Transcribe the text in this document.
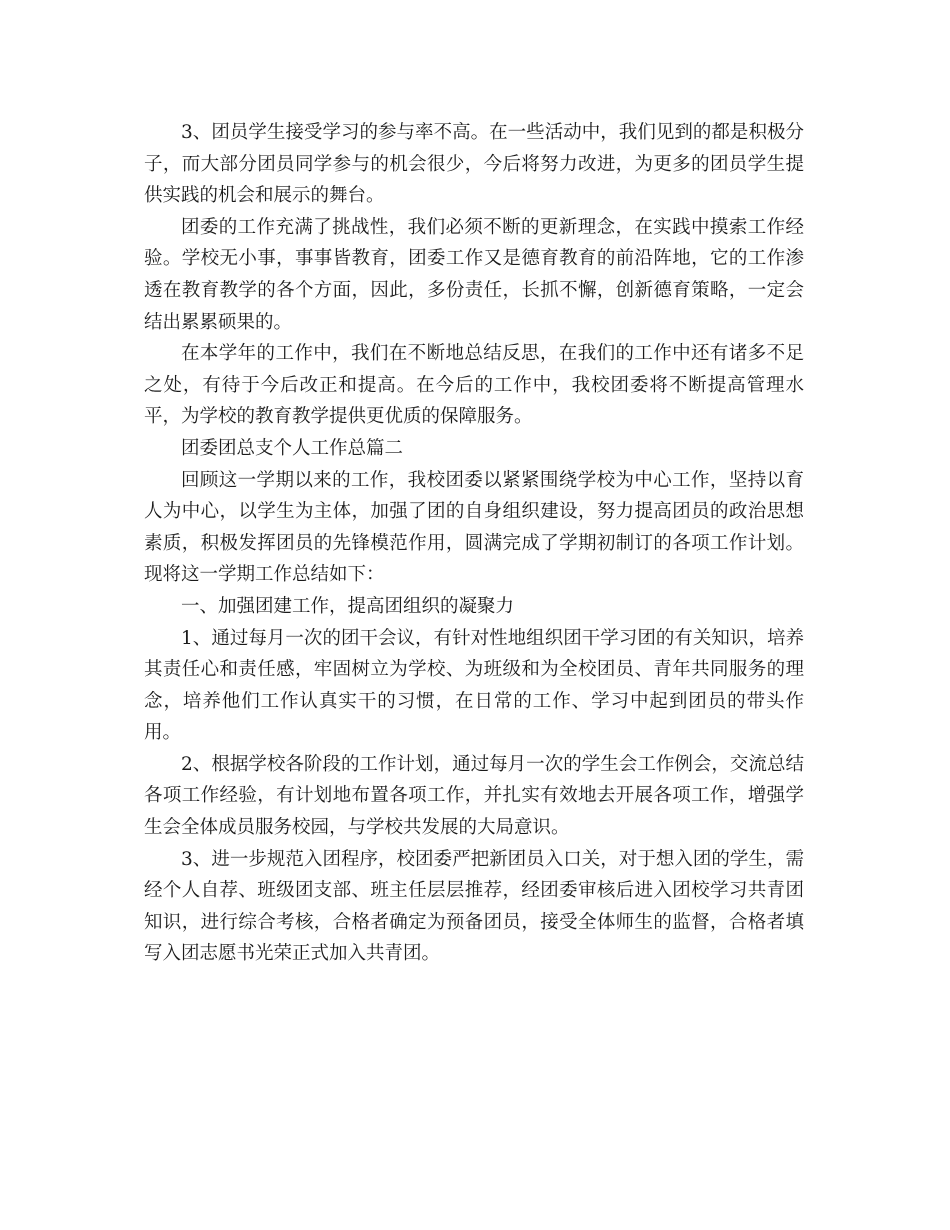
3、团员学生接受学习的参与率不高。在一些活动中，我们见到的都是积极分子，而大部分团员同学参与的机会很少，今后将努力改进，为更多的团员学生提供实践的机会和展示的舞台。

团委的工作充满了挑战性，我们必须不断的更新理念，在实践中摸索工作经验。学校无小事，事事皆教育，团委工作又是德育教育的前沿阵地，它的工作渗透在教育教学的各个方面，因此，多份责任，长抓不懈，创新德育策略，一定会结出累累硕果的。

在本学年的工作中，我们在不断地总结反思，在我们的工作中还有诸多不足之处，有待于今后改正和提高。在今后的工作中，我校团委将不断提高管理水平，为学校的教育教学提供更优质的保障服务。

团委团总支个人工作总篇二

回顾这一学期以来的工作，我校团委以紧紧围绕学校为中心工作，坚持以育人为中心，以学生为主体，加强了团的自身组织建设，努力提高团员的政治思想素质，积极发挥团员的先锋模范作用，圆满完成了学期初制订的各项工作计划。现将这一学期工作总结如下：

一、加强团建工作，提高团组织的凝聚力

1、通过每月一次的团干会议，有针对性地组织团干学习团的有关知识，培养其责任心和责任感，牢固树立为学校、为班级和为全校团员、青年共同服务的理念，培养他们工作认真实干的习惯，在日常的工作、学习中起到团员的带头作用。

2、根据学校各阶段的工作计划，通过每月一次的学生会工作例会，交流总结各项工作经验，有计划地布置各项工作，并扎实有效地去开展各项工作，增强学生会全体成员服务校园，与学校共发展的大局意识。

3、进一步规范入团程序，校团委严把新团员入口关，对于想入团的学生，需经个人自荐、班级团支部、班主任层层推荐，经团委审核后进入团校学习共青团知识，进行综合考核，合格者确定为预备团员，接受全体师生的监督，合格者填写入团志愿书光荣正式加入共青团。
